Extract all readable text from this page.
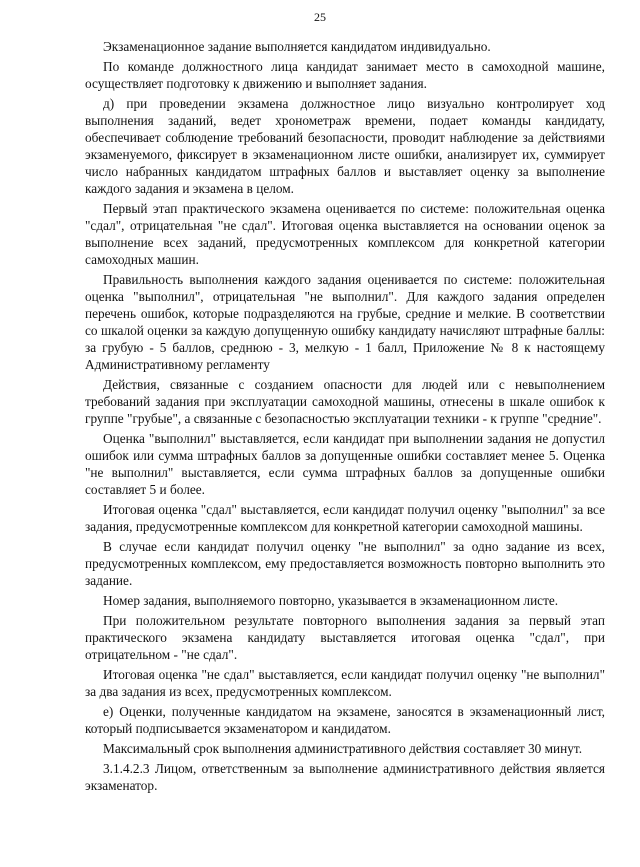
25

Экзаменационное задание выполняется кандидатом индивидуально.

По команде должностного лица кандидат занимает место в самоходной машине, осуществляет подготовку к движению и выполняет задания.

д) при проведении экзамена должностное лицо визуально контролирует ход выполнения заданий, ведет хронометраж времени, подает команды кандидату, обеспечивает соблюдение требований безопасности, проводит наблюдение за действиями экзаменуемого, фиксирует в экзаменационном листе ошибки, анализирует их, суммирует число набранных кандидатом штрафных баллов и выставляет оценку за выполнение каждого задания и экзамена в целом.

Первый этап практического экзамена оценивается по системе: положительная оценка "сдал", отрицательная "не сдал". Итоговая оценка выставляется на основании оценок за выполнение всех заданий, предусмотренных комплексом для конкретной категории самоходных машин.

Правильность выполнения каждого задания оценивается по системе: положительная оценка "выполнил", отрицательная "не выполнил". Для каждого задания определен перечень ошибок, которые подразделяются на грубые, средние и мелкие. В соответствии со шкалой оценки за каждую допущенную ошибку кандидату начисляют штрафные баллы: за грубую - 5 баллов, среднюю - 3, мелкую - 1 балл, Приложение № 8 к настоящему Административному регламенту

Действия, связанные с созданием опасности для людей или с невыполнением требований задания при эксплуатации самоходной машины, отнесены в шкале ошибок к группе "грубые", а связанные с безопасностью эксплуатации техники - к группе "средние".

Оценка "выполнил" выставляется, если кандидат при выполнении задания не допустил ошибок или сумма штрафных баллов за допущенные ошибки составляет менее 5. Оценка "не выполнил" выставляется, если сумма штрафных баллов за допущенные ошибки составляет 5 и более.

Итоговая оценка "сдал" выставляется, если кандидат получил оценку "выполнил" за все задания, предусмотренные комплексом для конкретной категории самоходной машины.

В случае если кандидат получил оценку "не выполнил" за одно задание из всех, предусмотренных комплексом, ему предоставляется возможность повторно выполнить это задание.

Номер задания, выполняемого повторно, указывается в экзаменационном листе.

При положительном результате повторного выполнения задания за первый этап практического экзамена кандидату выставляется итоговая оценка "сдал", при отрицательном - "не сдал".

Итоговая оценка "не сдал" выставляется, если кандидат получил оценку "не выполнил" за два задания из всех, предусмотренных комплексом.

е) Оценки, полученные кандидатом на экзамене, заносятся в экзаменационный лист, который подписывается экзаменатором и кандидатом.

Максимальный срок выполнения административного действия составляет 30 минут.

3.1.4.2.3 Лицом, ответственным за выполнение административного действия является экзаменатор.
